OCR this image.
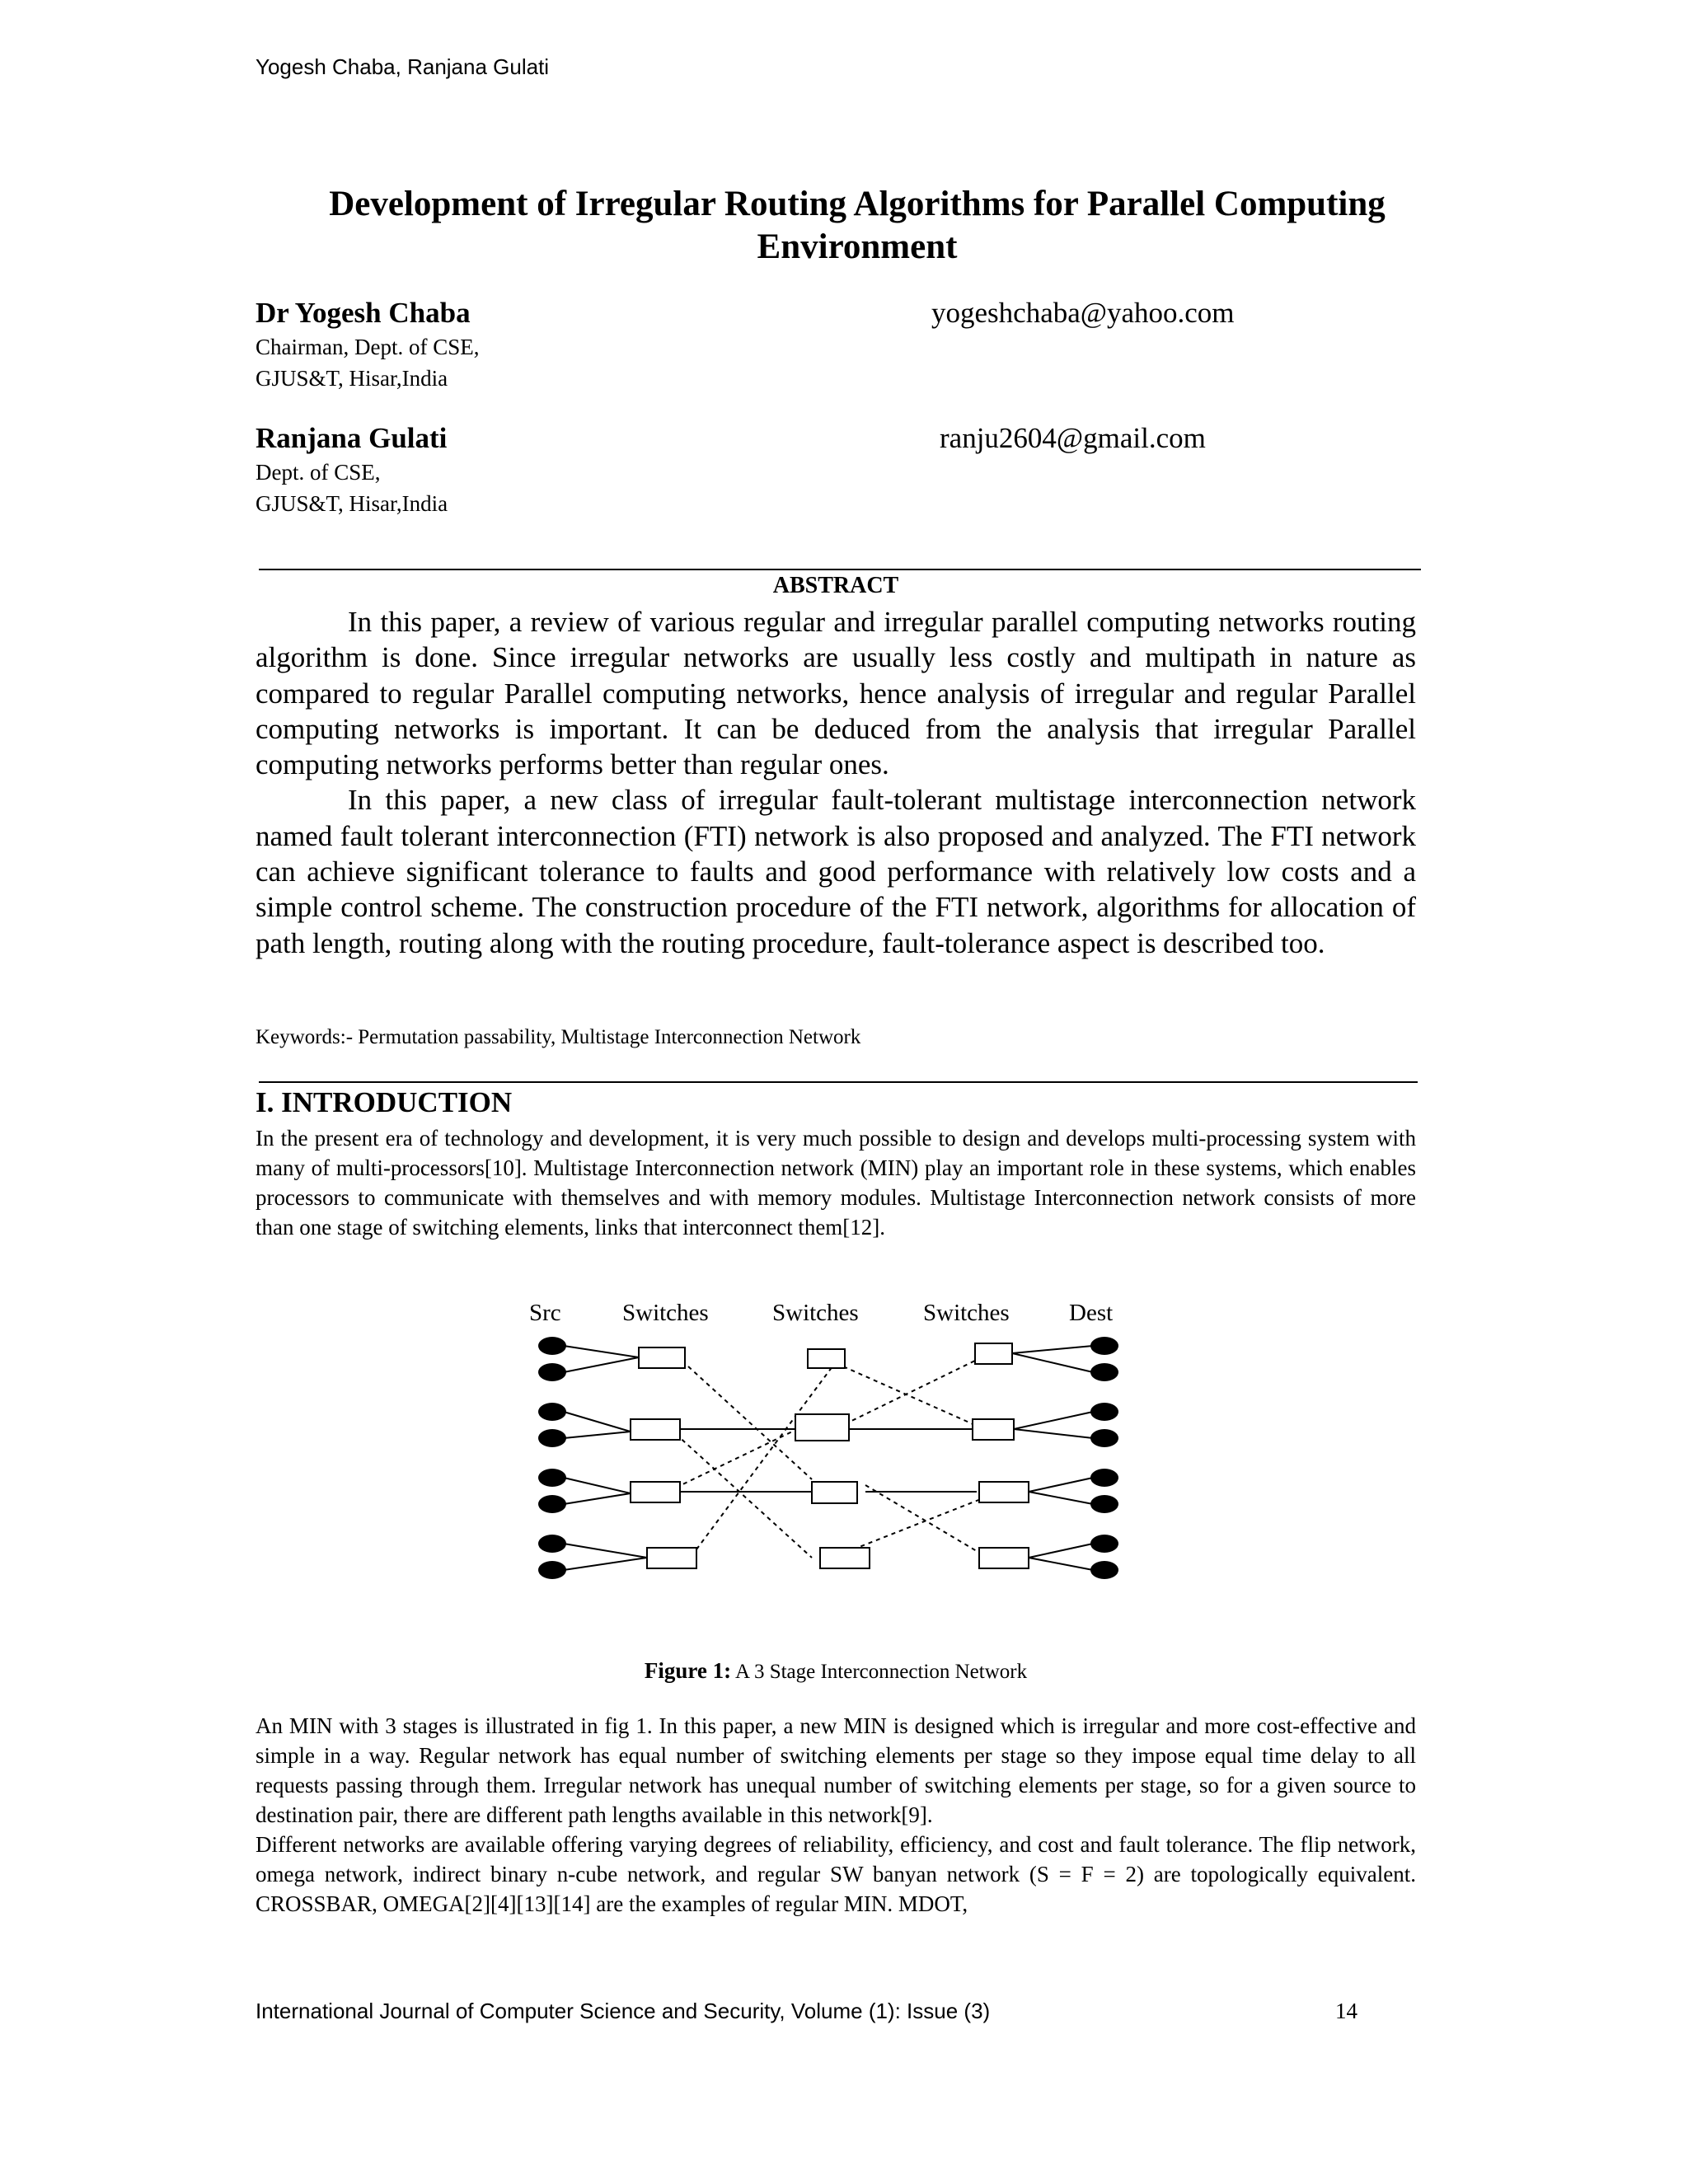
Yogesh Chaba, Ranjana Gulati
Development of Irregular Routing Algorithms for Parallel Computing
Environment
Dr Yogesh Chaba
Chairman, Dept. of CSE,
GJUS&T, Hisar,India
yogeshchaba@yahoo.com
Ranjana Gulati
Dept. of CSE,
GJUS&T, Hisar,India
ranju2604@gmail.com
ABSTRACT

In this paper, a review of various regular and irregular parallel computing networks routing algorithm is done. Since irregular networks are usually less costly and multipath in nature as compared to regular Parallel computing networks, hence analysis of irregular and regular Parallel computing networks is important. It can be deduced from the analysis that irregular Parallel computing networks performs better than regular ones.

In this paper, a new class of irregular fault-tolerant multistage interconnection network named fault tolerant interconnection (FTI) network is also proposed and analyzed. The FTI network can achieve significant tolerance to faults and good performance with relatively low costs and a simple control scheme. The construction procedure of the FTI network, algorithms for allocation of path length, routing along with the routing procedure, fault-tolerance aspect is described too.

Keywords:- Permutation passability, Multistage Interconnection Network
I. INTRODUCTION

In the present era of technology and development, it is very much possible to design and develops multi-processing system with many of multi-processors[10]. Multistage Interconnection network (MIN) play an important role in these systems, which enables processors to communicate with themselves and with memory modules. Multistage Interconnection network consists of more than one stage of switching elements, links that interconnect them[12].

Src	Switches	Switches	Switches Dest
Figure 1: A 3 Stage Interconnection Network

An MIN with 3 stages is illustrated in fig 1. In this paper, a new MIN is designed which is irregular and more cost-effective and simple in a way. Regular network has equal number of switching elements per stage so they impose equal time delay to all requests passing through them. Irregular network has unequal number of switching elements per stage, so for a given source to destination pair, there are different path lengths available in this network[9].

Different networks are available offering varying degrees of reliability, efficiency, and cost and fault tolerance. The flip network, omega network, indirect binary n-cube network, and regular SW banyan network (S = F = 2) are topologically equivalent. CROSSBAR, OMEGA[2][4][13][14] are the examples of regular MIN. MDOT,

International Journal of Computer Science and Security, Volume (1): Issue (3)	14
